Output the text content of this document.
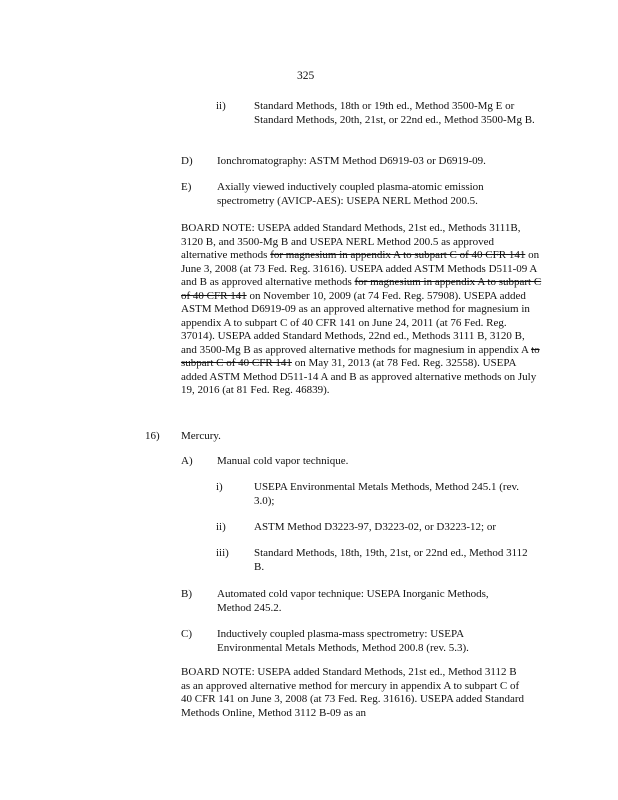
325
ii)	Standard Methods, 18th or 19th ed., Method 3500-Mg E or Standard Methods, 20th, 21st, or 22nd ed., Method 3500-Mg B.
D) Ionchromatography: ASTM Method D6919-03 or D6919-09.
E) Axially viewed inductively coupled plasma-atomic emission spectrometry (AVICP-AES): USEPA NERL Method 200.5.
BOARD NOTE: USEPA added Standard Methods, 21st ed., Methods 3111B, 3120 B, and 3500-Mg B and USEPA NERL Method 200.5 as approved alternative methods for magnesium in appendix A to subpart C of 40 CFR 141 on June 3, 2008 (at 73 Fed. Reg. 31616). USEPA added ASTM Methods D511-09 A and B as approved alternative methods for magnesium in appendix A to subpart C of 40 CFR 141 on November 10, 2009 (at 74 Fed. Reg. 57908). USEPA added ASTM Method D6919-09 as an approved alternative method for magnesium in appendix A to subpart C of 40 CFR 141 on June 24, 2011 (at 76 Fed. Reg. 37014). USEPA added Standard Methods, 22nd ed., Methods 3111 B, 3120 B, and 3500-Mg B as approved alternative methods for magnesium in appendix A to subpart C of 40 CFR 141 on May 31, 2013 (at 78 Fed. Reg. 32558). USEPA added ASTM Method D511-14 A and B as approved alternative methods on July 19, 2016 (at 81 Fed. Reg. 46839).
16) Mercury.
A) Manual cold vapor technique.
i)	USEPA Environmental Metals Methods, Method 245.1 (rev. 3.0);
ii)	ASTM Method D3223-97, D3223-02, or D3223-12; or
iii) Standard Methods, 18th, 19th, 21st, or 22nd ed., Method 3112 B.
B) Automated cold vapor technique: USEPA Inorganic Methods, Method 245.2.
C) Inductively coupled plasma-mass spectrometry: USEPA Environmental Metals Methods, Method 200.8 (rev. 5.3).
BOARD NOTE: USEPA added Standard Methods, 21st ed., Method 3112 B as an approved alternative method for mercury in appendix A to subpart C of 40 CFR 141 on June 3, 2008 (at 73 Fed. Reg. 31616). USEPA added Standard Methods Online, Method 3112 B-09 as an
